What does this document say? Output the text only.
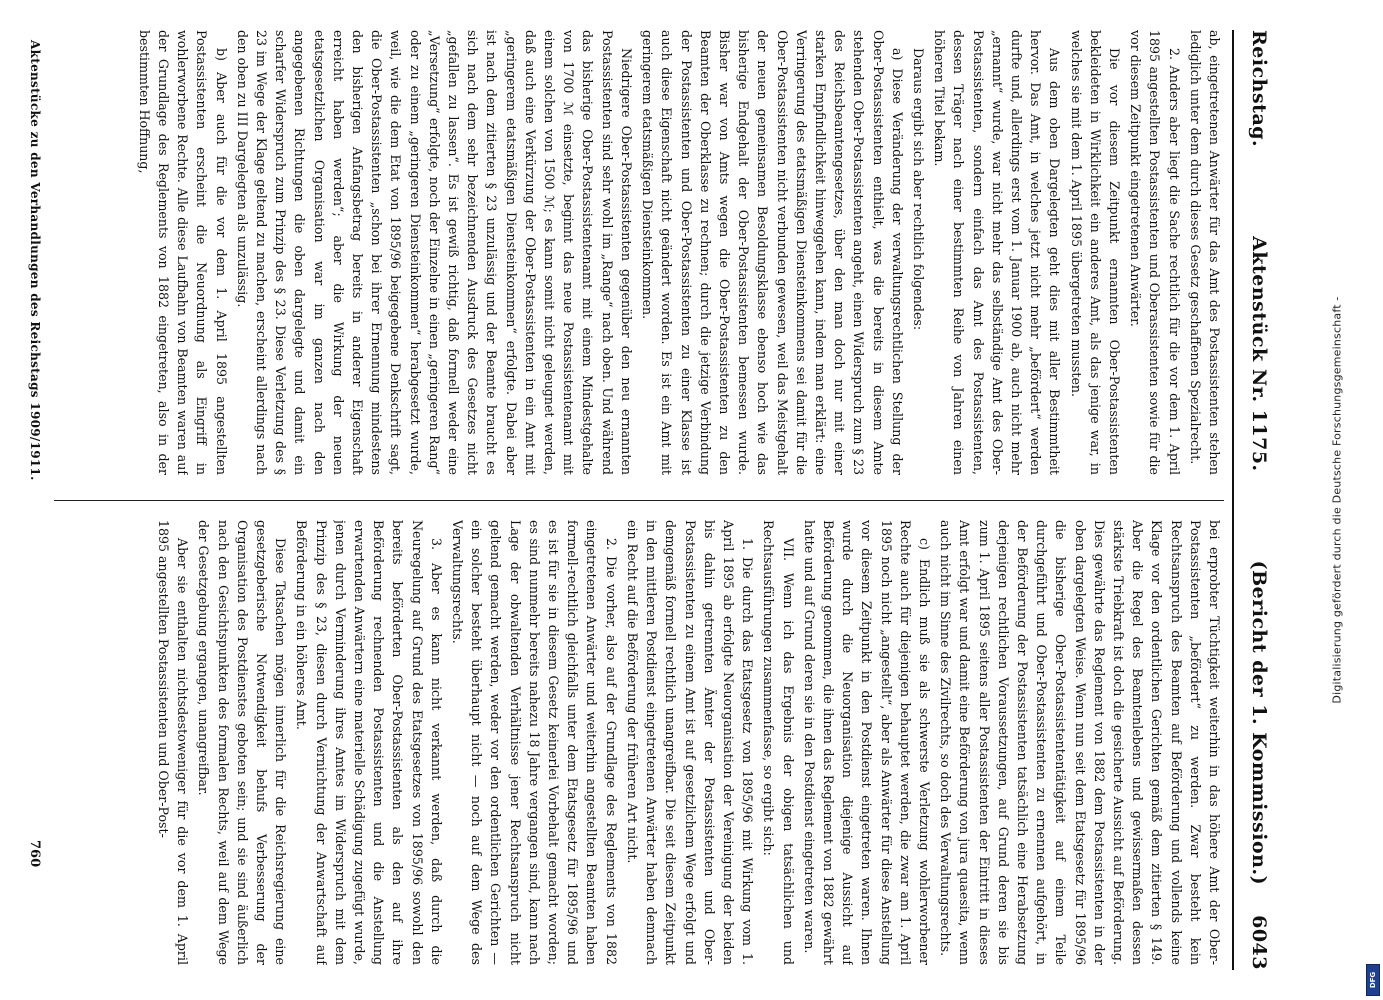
Reichstag.
Aktenstück Nr. 1175.
(Bericht der 1. Kommission.)
6043

ab, eingetretenen Anwärter für das Amt des Postassistenten stehen lediglich unter dem durch dieses Gesetz geschaffenen Spezialrecht.

2. Anders aber liegt die Sache rechtlich für die vor dem 1. April 1895 angestellten Postassistenten und Oberassistenten sowie für die vor diesem Zeitpunkt eingetretenen Anwärter.

Die vor diesem Zeitpunkt ernannten Ober-Postassistenten bekleideten in Wirklichkeit ein anderes Amt, als das jenige war, in welches sie mit dem 1. April 1895 übergetreten mussten.

Aus dem oben Dargelegten geht dies mit aller Bestimmtheit hervor. Das Amt, in welches jetzt nicht mehr „befördert“ werden durfte und, allerdings erst vom 1. Januar 1900 ab, auch nicht mehr „ernannt“ wurde, war nicht mehr das selbständige Amt des Ober-Postassistenten, sondern einfach das Amt des Postassistenten, dessen Träger nach einer bestimmten Reihe von Jahren einen höheren Titel bekam.

Daraus ergibt sich aber rechtlich folgendes:

a) Diese Veränderung der verwaltungsrechtlichen Stellung der Ober-Postassistenten enthielt, was die bereits in diesem Amte stehenden Ober-Postassistenten angeht, einen Widerspruch zum § 23 des Reichsbeamtengesetzes, über den man doch nur mit einer starken Empfindlichkeit hinweggehen kann, indem man erklärt: eine Verringerung des etatsmäßigen Diensteinkommens sei damit für die Ober-Postassistenten nicht verbunden gewesen, weil das Meistgehalt der neuen gemeinsamen Besoldungsklasse ebenso hoch wie das bisherige Endgehalt der Ober-Postassistenten bemessen wurde. Bisher war von Amts wegen die Ober-Postassistenten zu den Beamten der Oberklasse zu rechnen; durch die jetzige Verbindung der Postassistenten und Ober-Postassistenten zu einer Klasse ist auch diese Eigenschaft nicht geändert worden. Es ist ein Amt mit geringerem etatsmäßigen Diensteinkommen.

Niedrigere Ober-Postassistenten gegenüber den neu ernannten Postassistenten sind sehr wohl im „Range“ nach oben. Und während das bisherige Ober-Postassistentenamt mit einem Mindestgehalte von 1700 ℳ einsetzte, beginnt das neue Postassistentenamt mit einem solchen von 1500 ℳ; es kann somit nicht geleugnet werden, daß auch eine Verkürzung der Ober-Postassistenten in ein Amt mit „geringerem etatsmäßigen Diensteinkommen“ erfolgte. Dabei aber ist nach dem zitierten § 23 unzulässig und der Beamte braucht es sich nach dem sehr bezeichnenden Ausdruck des Gesetzes nicht „gefallen zu lassen“. Es ist gewiß richtig, daß formell weder eine „Versetzung“ erfolgte, noch der Einzelne in einen „geringeren Rang“ oder zu einem „geringeren Diensteinkommen“ herabgesetzt wurde, weil, wie die dem Etat von 1895/96 beigegebene Denkschrift sagt, die Ober-Postassistenten „schon bei ihrer Ernennung mindestens den bisherigen Anfangsbetrag bereits in anderer Eigenschaft erreicht haben werden“; aber die Wirkung der neuen etatsgesetzlichen Organisation war im ganzen nach den angegebenen Richtungen die oben dargelegte und damit ein scharfer Widerspruch zum Prinzip des § 23. Diese Verletzung des § 23 im Wege der Klage geltend zu machen, erscheint allerdings nach den oben zu III Dargelegten als unzulässig.

b) Aber auch für die vor dem 1. April 1895 angestellten Postassistenten erscheint die Neuordnung als Eingriff in wohlerworbene Rechte. Alle diese Laufbahn von Beamten waren auf der Grundlage des Reglements von 1882 eingetreten, also in der bestimmten Hoffnung,

bei erprobter Tüchtigkeit weiterhin in das höhere Amt der Ober-Postassistenten „befördert“ zu werden. Zwar besteht kein Rechtsanspruch des Beamten auf Beförderung und vollends keine Klage vor den ordentlichen Gerichten gemäß dem zitierten § 149. Aber die Regel des Beamtenlebens und gewissermaßen dessen stärkste Triebkraft ist doch die gesicherte Aussicht auf Beförderung. Dies gewährte das Reglement von 1882 dem Postassistenten in der oben dargelegten Weise. Wenn nun seit dem Etatsgesetz für 1895/96 die bisherige Ober-Postassistententätigkeit auf einem Teile durchgeführt und Ober-Postassistenten zu ernennen aufgehört, in der Beförderung der Postassistenten tatsächlich eine Herabsetzung derjenigen rechtlichen Voraussetzungen, auf Grund deren sie bis zum 1. April 1895 seitens aller Postassistenten der Eintritt in dieses Amt erfolgt war und damit eine Beförderung von jura quaesita, wenn auch nicht im Sinne des Zivilrechts, so doch des Verwaltungsrechts.

c) Endlich muß sie als schwerste Verletzung wohlerworbener Rechte auch für diejenigen behauptet werden, die zwar am 1. April 1895 noch nicht „angestellt“, aber als Anwärter für diese Anstellung vor diesem Zeitpunkt in den Postdienst eingetreten waren. Ihnen wurde durch die Neuorganisation diejenige Aussicht auf Beförderung genommen, die ihnen das Reglement von 1882 gewährt hatte und auf Grund deren sie in den Postdienst eingetreten waren.

VII. Wenn ich das Ergebnis der obigen tatsächlichen und Rechtsausführungen zusammenfasse, so ergibt sich:

1. Die durch das Etatsgesetz von 1895/96 mit Wirkung vom 1. April 1895 ab erfolgte Neuorganisation der Vereinigung der beiden bis dahin getrennten Ämter der Postassistenten und Ober-Postassistenten zu einem Amt ist auf gesetzlichem Wege erfolgt und demgemäß formell rechtlich unangreifbar. Die seit diesem Zeitpunkt in den mittleren Postdienst eingetretenen Anwärter haben demnach ein Recht auf die Beförderung der früheren Art nicht.

2. Die vorher, also auf der Grundlage des Reglements von 1882 eingetretenen Anwärter und weiterhin angestellten Beamten haben formell-rechtlich gleichfalls unter dem Etatsgesetz für 1895/96 und es ist für sie in diesem Gesetz keinerlei Vorbehalt gemacht worden; es sind nunmehr bereits nahezu 18 Jahre vergangen sind, kann nach Lage der obwaltenden Verhältnisse jener Rechtsanspruch nicht geltend gemacht werden, weder vor den ordentlichen Gerichten — ein solcher besteht überhaupt nicht — noch auf dem Wege des Verwaltungsrechts.

3. Aber es kann nicht verkannt werden, daß durch die Neuregelung auf Grund des Etatsgesetzes von 1895/96 sowohl den bereits beförderten Ober-Postassistenten als den auf ihre Beförderung rechnenden Postassistenten und die Anstellung erwartenden Anwärtern eine materielle Schädigung zugefügt wurde, jenen durch Verminderung ihres Amtes im Widerspruch mit dem Prinzip des § 23, diesen durch Vernichtung der Anwartschaft auf Beförderung in ein höheres Amt.

Diese Tatsachen mögen innerlich für die Reichsregierung eine gesetzgeberische Notwendigkeit behufs Verbesserung der Organisation des Postdienstes geboten sein; und sie sind äußerlich nach den Gesichtspunkten des formalen Rechts, weil auf dem Wege der Gesetzgebung ergangen, unangreifbar.

Aber sie enthalten nichtsdestoweniger für die vor dem 1. April 1895 angestellten Postassistenten und Ober-Post-

Aktenstücke zu den Verhandlungen des Reichstags 1909/1911.
760
Digitalisierung gefördert durch die Deutsche Forschungsgemeinschaft -
DFG
